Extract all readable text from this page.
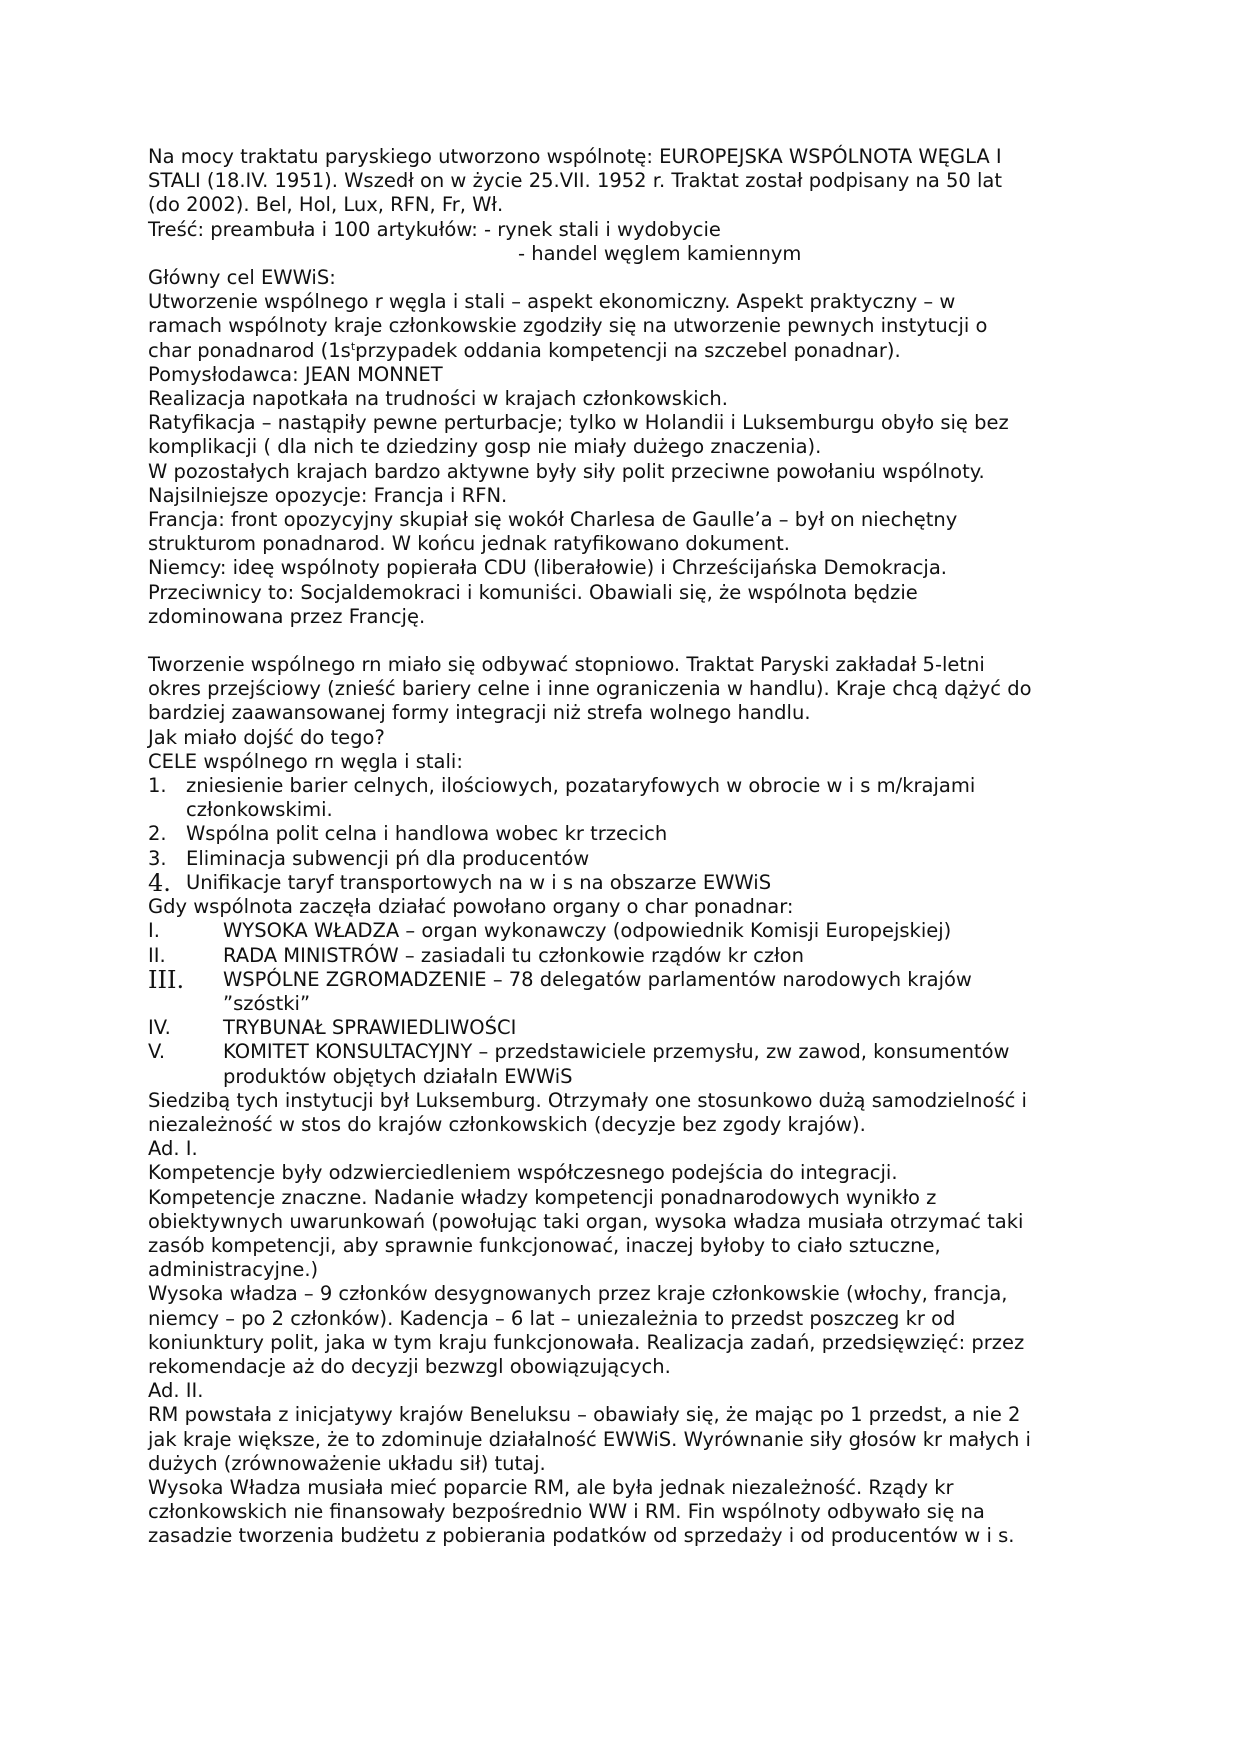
Na mocy traktatu paryskiego utworzono wspólnotę: EUROPEJSKA WSPÓLNOTA WĘGLA I

STALI (18.IV. 1951). Wszedł on w życie 25.VII. 1952 r. Traktat został podpisany na 50 lat

(do 2002). Bel, Hol, Lux, RFN, Fr, Wł.

Treść: preambuła i 100 artykułów: - rynek stali i wydobycie

- handel węglem kamiennym

Główny cel EWWiS:

Utworzenie wspólnego r węgla i stali – aspekt ekonomiczny. Aspekt praktyczny – w

ramach wspólnoty kraje członkowskie zgodziły się na utworzenie pewnych instytucji o

char ponadnarod ($1s^tprzypadek$ oddania kompetencji na szczebel ponadnar).

Pomysłodawca: JEAN MONNET

Realizacja napotkała na trudności w krajach członkowskich.

Ratyfikacja – nastąpiły pewne perturbacje; tylko w Holandii i Luksemburgu obyło się bez

komplikacji ( dla nich te dziedziny gosp nie miały dużego znaczenia).

W pozostałych krajach bardzo aktywne były siły polit przeciwne powołaniu wspólnoty.

Najsilniejsze opozycje: Francja i RFN.

Francja: front opozycyjny skupiał się wokół Charlesa de Gaulle’a – był on niechętny

strukturom ponadnarod. W końcu jednak ratyfikowano dokument.

Niemcy: ideę wspólnoty popierała CDU (liberałowie) i Chrześcijańska Demokracja.

Przeciwnicy to: Socjaldemokraci i komuniści. Obawiali się, że wspólnota będzie

zdominowana przez Francję.

Tworzenie wspólnego rn miało się odbywać stopniowo. Traktat Paryski zakładał 5-letni

okres przejściowy (znieść bariery celne i inne ograniczenia w handlu). Kraje chcą dążyć do

bardziej zaawansowanej formy integracji niż strefa wolnego handlu.

Jak miało dojść do tego?

CELE wspólnego rn węgla i stali:

1. zniesienie barier celnych, ilościowych, pozataryfowych w obrocie w i s m/krajami
członkowskimi.
2. Wspólna polit celna i handlowa wobec kr trzecich
3. Eliminacja subwencji pń dla producentów
4. Unifikacje taryf transportowych na w i s na obszarze EWWiS

Gdy wspólnota zaczęła działać powołano organy o char ponadnar:

I.	WYSOKA WŁADZA – organ wykonawczy (odpowiednik Komisji Europejskiej)
II.	RADA MINISTRÓW – zasiadali tu członkowie rządów kr człon
III.	WSPÓLNE ZGROMADZENIE – 78 delegatów parlamentów narodowych krajów
”szóstki”
IV.	TRYBUNAŁ SPRAWIEDLIWOŚCI
V.	KOMITET KONSULTACYJNY – przedstawiciele przemysłu, zw zawod, konsumentów
produktów objętych działaln EWWiS

Siedzibą tych instytucji był Luksemburg. Otrzymały one stosunkowo dużą samodzielność i

niezależność w stos do krajów członkowskich (decyzje bez zgody krajów).

Ad. I.

Kompetencje były odzwierciedleniem współczesnego podejścia do integracji.

Kompetencje znaczne. Nadanie władzy kompetencji ponadnarodowych wynikło z

obiektywnych uwarunkowań (powołując taki organ, wysoka władza musiała otrzymać taki

zasób kompetencji, aby sprawnie funkcjonować, inaczej byłoby to ciało sztuczne,

administracyjne.)

Wysoka władza – 9 członków desygnowanych przez kraje członkowskie (włochy, francja,

niemcy – po 2 członków). Kadencja – 6 lat – uniezależnia to przedst poszczeg kr od

koniunktury polit, jaka w tym kraju funkcjonowała. Realizacja zadań, przedsięwzięć: przez

rekomendacje aż do decyzji bezwzgl obowiązujących.

Ad. II.

RM powstała z inicjatywy krajów Beneluksu – obawiały się, że mając po 1 przedst, a nie 2

jak kraje większe, że to zdominuje działalność EWWiS. Wyrównanie siły głosów kr małych i

dużych (zrównoważenie układu sił) tutaj.

Wysoka Władza musiała mieć poparcie RM, ale była jednak niezależność. Rządy kr

członkowskich nie finansowały bezpośrednio WW i RM. Fin wspólnoty odbywało się na

zasadzie tworzenia budżetu z pobierania podatków od sprzedaży i od producentów w i s.
